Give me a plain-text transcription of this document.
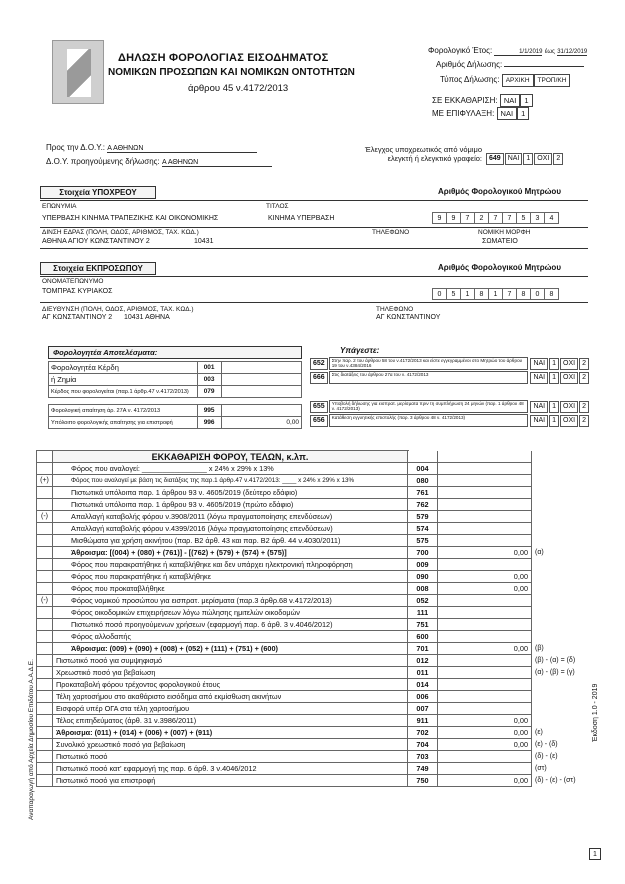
ΔΗΛΩΣΗ ΦΟΡΟΛΟΓΙΑΣ ΕΙΣΟΔΗΜΑΤΟΣ
ΝΟΜΙΚΩΝ ΠΡΟΣΩΠΩΝ ΚΑΙ ΝΟΜΙΚΩΝ ΟΝΤΟΤΗΤΩΝ
άρθρου 45 ν.4172/2013
Φορολογικό Έτος:	1/1/2019 έως 31/12/2019
Αριθμός Δήλωσης:
Τύπος Δήλωσης: ΑΡΧΙΚΗ ΤΡΟΠ/ΚΗ
ΣΕ ΕΚΚΑΘΑΡΙΣΗ: ΝΑΙ 1
ΜΕ ΕΠΙΦΥΛΑΞΗ: ΝΑΙ 1
Προς την Δ.Ο.Υ.: Α ΑΘΗΝΩΝ
Δ.Ο.Υ. προηγούμενης δήλωσης: Α ΑΘΗΝΩΝ
Έλεγχος υποχρεωτικός από νόμιμο
ελεγκτή ή ελεγκτικό γραφείο:	649 ΝΑΙ 1 ΟΧΙ 2
Στοιχεία ΥΠΟΧΡΕΟΥ	Αριθμός Φορολογικού Μητρώου
ΕΠΩΝΥΜΙΑ	ΤΙΤΛΟΣ
ΥΠΕΡΒΑΣΗ ΚΙΝΗΜΑ ΤΡΑΠΕΖΙΚΗΣ ΚΑΙ ΟΙΚΟΝΟΜΙΚΗΣ	ΚΙΝΗΜΑ ΥΠΕΡΒΑΣΗ	9 9 7 2 7 7 5 3 4
ΔΙΝΣΗ ΕΔΡΑΣ (ΠΟΛΗ, ΟΔΟΣ, ΑΡΙΘΜΟΣ, ΤΑΧ. ΚΩΔ.)	ΤΗΛΕΦΩΝΟ	ΝΟΜΙΚΗ ΜΟΡΦΗ
ΑΘΗΝΑ ΑΓΙΟΥ ΚΩΝΣΤΑΝΤΙΝΟΥ 2	10431	ΣΩΜΑΤΕΙΟ
Στοιχεία ΕΚΠΡΟΣΩΠΟΥ	Αριθμός Φορολογικού Μητρώου
ΟΝΟΜΑΤΕΠΩΝΥΜΟ
ΤΟΜΠΡΑΣ ΚΥΡΙΑΚΟΣ	0 5 1 8 1 7 8 0 8
ΔΙΕΥΘΥΝΣΗ (ΠΟΛΗ, ΟΔΟΣ, ΑΡΙΘΜΟΣ, ΤΑΧ. ΚΩΔ.)
ΑΓ ΚΩΝΣΤΑΝΤΙΝΟΥ 2 10431 ΑΘΗΝΑ
ΤΗΛΕΦΩΝΟ
ΑΓ ΚΩΝΣΤΑΝΤΙΝΟΥ
Φορολογητέα Αποτελέσματα:
Φορολογητέα Κέρδη	001	
ή Ζημία	003	
Κέρδος που φορολογείται (παρ.1 άρθρ.47 ν.4172/2013)	079	

Φορολογική απαίτηση άρ. 27Α ν. 4172/2013	995	
Υπόλοιπο φορολογικής απαίτησης για επιστροφή	996	0,00
Υπάγεστε:
652	Στην παρ. 2 του άρθρου 58 του ν.4172/2013 και είστε εγγεγραμμένοι στο Μητρώο του άρθρου 19 του ν.4384/2016	ΝΑΙ	1	ΟΧΙ	2
666	Στις διατάξεις του άρθρου 27α του ν. 4172/2013	ΝΑΙ	1	ΟΧΙ	2
655	Υποβολή δήλωσης για εισπρατ. μερίσματα πριν τη συμπλήρωση 24 μηνών (παρ. 1 άρθρου 48 ν. 4172/2013)	ΝΑΙ	1	ΟΧΙ	2
656	Κατάθεση εγγυητικής επιστολής (παρ. 3 άρθρου 48 ν. 4172/2013)	ΝΑΙ	1	ΟΧΙ	2
	ΕΚΚΑΘΑΡΙΣΗ ΦΟΡΟΥ, ΤΕΛΩΝ, κ.λπ.			
	Φόρος που αναλογεί: ________________ x 24% x 29% x 13%	004		
(+)	Φόρος που αναλογεί με βάση τις διατάξεις της παρ.1 άρθρ.47 ν.4172/2013: ____ x 24% x 29% x 13%	080		
	Πιστωτικά υπόλοιπα παρ. 1 άρθρου 93 ν. 4605/2019 (δεύτερο εδάφιο)	761		
	Πιστωτικά υπόλοιπα παρ. 1 άρθρου 93 ν. 4605/2019 (πρώτο εδάφιο)	762		
(-)	Απαλλαγή καταβολής φόρου ν.3908/2011 (λόγω πραγματοποίησης επενδύσεων)	579		
	Απαλλαγή καταβολής φόρου ν.4399/2016 (λόγω πραγματοποίησης επενδύσεων)	574		
	Μισθώματα για χρήση ακινήτου (παρ. Β2 άρθ. 43 και παρ. Β2 άρθ. 44 ν.4030/2011)	575		
	Άθροισμα: [(004) + (080) + (761)] - [(762) + (579) + (574) + (575)]	700	0,00	(α)
	Φόρος που παρακρατήθηκε ή καταβλήθηκε και δεν υπάρχει ηλεκτρονική πληροφόρηση	009		
	Φόρος που παρακρατήθηκε ή καταβλήθηκε	090	0,00	
	Φόρος που προκαταβλήθηκε	008	0,00	
(-)	Φόρος νομικού προσώπου για εισπρατ. μερίσματα (παρ.3 άρθρ.68 ν.4172/2013)	052		
	Φόρος οικοδομικών επιχειρήσεων λόγω πώλησης ημιτελών οικοδομών	111		
	Πιστωτικό ποσό προηγούμενων χρήσεων (εφαρμογή παρ. 6 άρθ. 3 ν.4046/2012)	751		
	Φόρος αλλοδαπής	600		
	Άθροισμα: (009) + (090) + (008) + (052) + (111) + (751) + (600)	701	0,00	(β)
	Πιστωτικό ποσό για συμψηφισμό	012		(β) - (α) = (δ)
	Χρεωστικό ποσό για βεβαίωση	011		(α) - (β) = (γ)
	Προκαταβολή φόρου τρέχοντος φορολογικού έτους	014		
	Τέλη χαρτοσήμου στο ακαθάριστο εισόδημα από εκμίσθωση ακινήτων	006		
	Εισφορά υπέρ ΟΓΑ στα τέλη χαρτοσήμου	007		
	Τέλος επιτηδεύματος (άρθ. 31 ν.3986/2011)	911	0,00	
	Άθροισμα: (011) + (014) + (006) + (007) + (911)	702	0,00	(ε)
	Συνολικό χρεωστικό ποσό για βεβαίωση	704	0,00	(ε) - (δ)
	Πιστωτικό ποσό	703		(δ) - (ε)
	Πιστωτικό ποσό κατ' εφαρμογή της παρ. 6 άρθ. 3 ν.4046/2012	749		(στ)
	Πιστωτικό ποσό για επιστροφή	750	0,00	(δ) - (ε) - (στ)
Αναπαραγωγή από Αρχεία Δημοσίου Επιδότου Α.Α.Δ.Ε.	Έκδοση 1.0 - 2019
1
